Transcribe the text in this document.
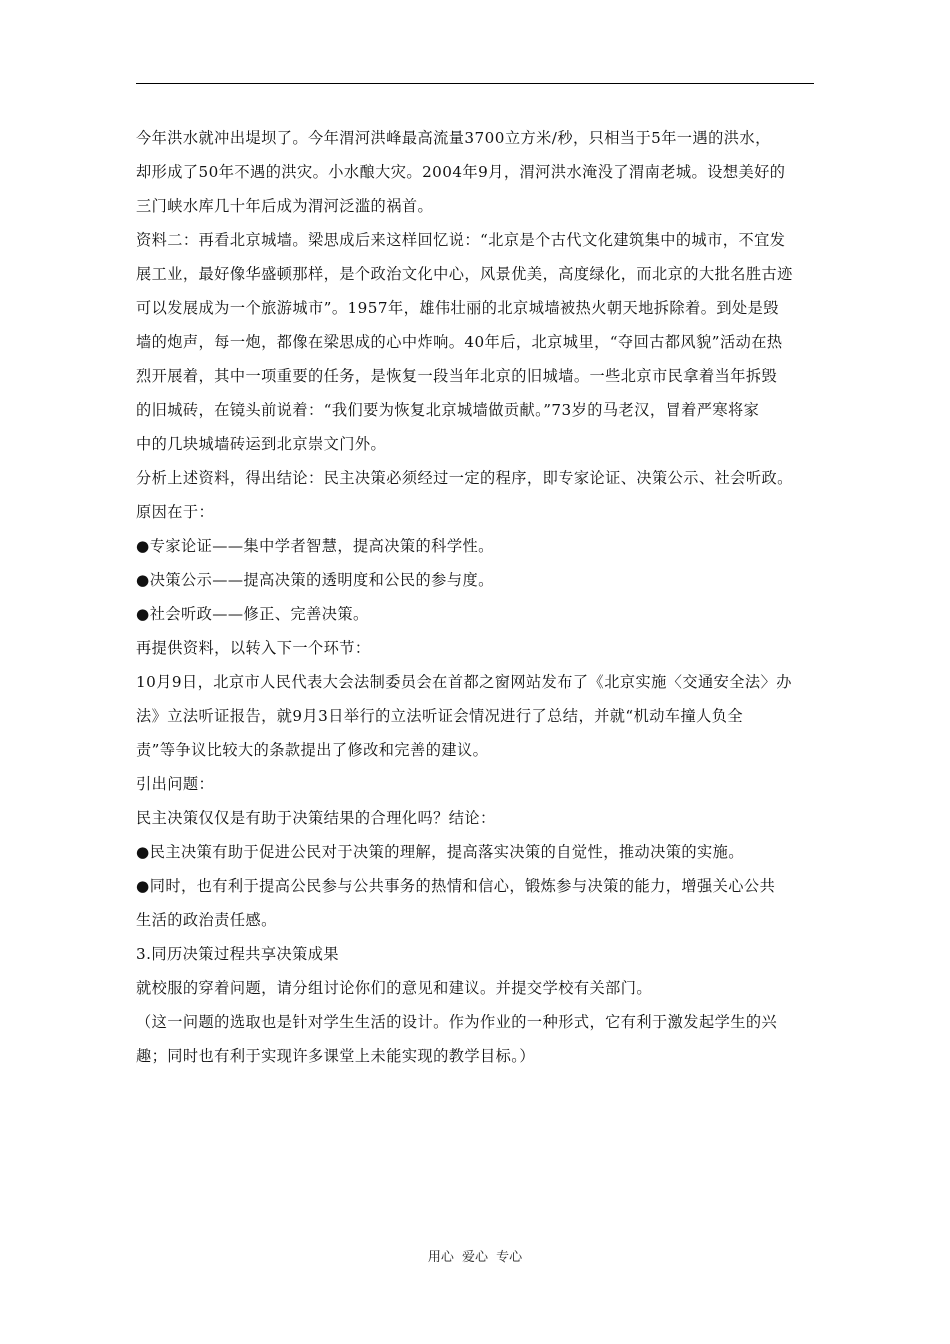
今年洪水就冲出堤坝了。今年渭河洪峰最高流量3700立方米/秒，只相当于5年一遇的洪水，
却形成了50年不遇的洪灾。小水酿大灾。2004年9月，渭河洪水淹没了渭南老城。设想美好的
三门峡水库几十年后成为渭河泛滥的祸首。
资料二：再看北京城墙。梁思成后来这样回忆说：“北京是个古代文化建筑集中的城市，不宜发
展工业，最好像华盛顿那样，是个政治文化中心，风景优美，高度绿化，而北京的大批名胜古迹
可以发展成为一个旅游城市”。1957年，雄伟壮丽的北京城墙被热火朝天地拆除着。到处是毁
墙的炮声，每一炮，都像在梁思成的心中炸响。40年后，北京城里，“夺回古都风貌”活动在热
烈开展着，其中一项重要的任务，是恢复一段当年北京的旧城墙。一些北京市民拿着当年拆毁
的旧城砖，在镜头前说着：“我们要为恢复北京城墙做贡献。”73岁的马老汉，冒着严寒将家
中的几块城墙砖运到北京崇文门外。
分析上述资料，得出结论：民主决策必须经过一定的程序，即专家论证、决策公示、社会听政。
原因在于：
●专家论证——集中学者智慧，提高决策的科学性。
●决策公示——提高决策的透明度和公民的参与度。
●社会听政——修正、完善决策。
再提供资料，以转入下一个环节：
10月9日，北京市人民代表大会法制委员会在首都之窗网站发布了《北京实施〈交通安全法〉办
法》立法听证报告，就9月3日举行的立法听证会情况进行了总结，并就“机动车撞人负全
责”等争议比较大的条款提出了修改和完善的建议。
引出问题：
民主决策仅仅是有助于决策结果的合理化吗？结论：
●民主决策有助于促进公民对于决策的理解，提高落实决策的自觉性，推动决策的实施。
●同时，也有利于提高公民参与公共事务的热情和信心，锻炼参与决策的能力，增强关心公共
生活的政治责任感。
3.同历决策过程共享决策成果
就校服的穿着问题，请分组讨论你们的意见和建议。并提交学校有关部门。
（这一问题的选取也是针对学生生活的设计。作为作业的一种形式，它有利于激发起学生的兴
趣；同时也有利于实现许多课堂上未能实现的教学目标。）
用心 爱心 专心
